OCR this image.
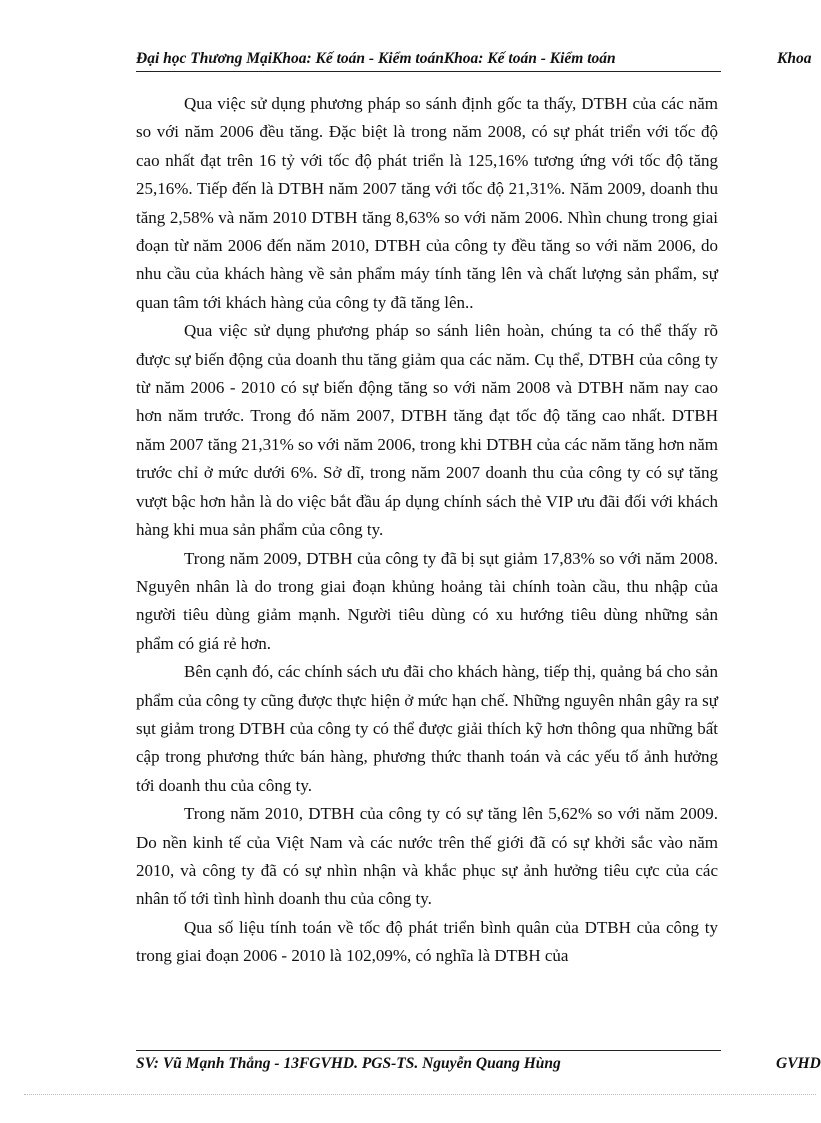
Đại học Thương MạiKhoa: Kế toán - Kiểm toánKhoa: Kế toán - Kiểm toán	Khoa

Qua việc sử dụng phương pháp so sánh định gốc ta thấy, DTBH của các năm so với năm 2006 đều tăng. Đặc biệt là trong năm 2008, có sự phát triển với tốc độ cao nhất đạt trên 16 tỷ với tốc độ phát triển là 125,16% tương ứng với tốc độ tăng 25,16%. Tiếp đến là DTBH năm 2007 tăng với tốc độ 21,31%. Năm 2009, doanh thu tăng 2,58% và năm 2010 DTBH tăng 8,63% so với năm 2006. Nhìn chung trong giai đoạn từ năm 2006 đến năm 2010, DTBH của công ty đều tăng so với năm 2006, do nhu cầu của khách hàng về sản phẩm máy tính tăng lên và chất lượng sản phẩm, sự quan tâm tới khách hàng của công ty đã tăng lên..

Qua việc sử dụng phương pháp so sánh liên hoàn, chúng ta có thể thấy rõ được sự biến động của doanh thu tăng giảm qua các năm. Cụ thể, DTBH của công ty từ năm 2006 - 2010 có sự biến động tăng so với năm 2008 và DTBH năm nay cao hơn năm trước. Trong đó năm 2007, DTBH tăng đạt tốc độ tăng cao nhất. DTBH năm 2007 tăng 21,31% so với năm 2006, trong khi DTBH của các năm tăng hơn năm trước chỉ ở mức dưới 6%. Sở dĩ, trong năm 2007 doanh thu của công ty có sự tăng vượt bậc hơn hẳn là do việc bắt đầu áp dụng chính sách thẻ VIP ưu đãi đối với khách hàng khi mua sản phẩm của công ty.

Trong năm 2009, DTBH của công ty đã bị sụt giảm 17,83% so với năm 2008. Nguyên nhân là do trong giai đoạn khủng hoảng tài chính toàn cầu, thu nhập của người tiêu dùng giảm mạnh. Người tiêu dùng có xu hướng tiêu dùng những sản phẩm có giá rẻ hơn.

Bên cạnh đó, các chính sách ưu đãi cho khách hàng, tiếp thị, quảng bá cho sản phẩm của công ty cũng được thực hiện ở mức hạn chế. Những nguyên nhân gây ra sự sụt giảm trong DTBH của công ty có thể được giải thích kỹ hơn thông qua những bất cập trong phương thức bán hàng, phương thức thanh toán và các yếu tố ảnh hưởng tới doanh thu của công ty.

Trong năm 2010, DTBH của công ty có sự tăng lên 5,62% so với năm 2009. Do nền kinh tế của Việt Nam và các nước trên thế giới đã có sự khởi sắc vào năm 2010, và công ty đã có sự nhìn nhận và khắc phục sự ảnh hưởng tiêu cực của các nhân tố tới tình hình doanh thu của công ty.

Qua số liệu tính toán về tốc độ phát triển bình quân của DTBH của công ty trong giai đoạn 2006 - 2010 là 102,09%, có nghĩa là DTBH của

SV: Vũ Mạnh Thắng - 13FGVHD. PGS-TS. Nguyễn Quang Hùng	GVHD
